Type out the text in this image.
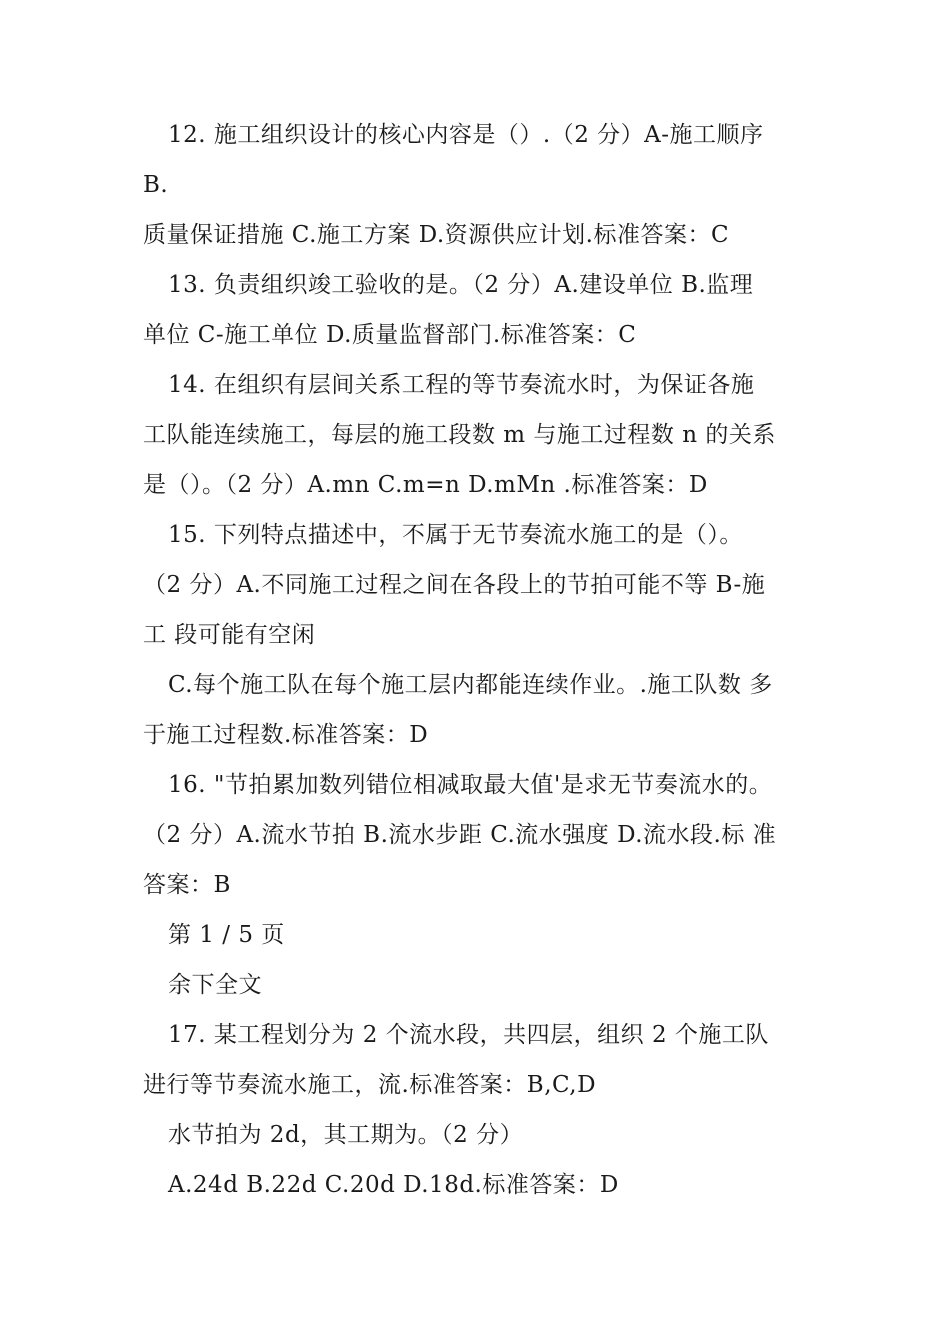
12. 施工组织设计的核心内容是（）.（2 分）A-施工顺序
B.
质量保证措施 C.施工方案 D.资源供应计划.标准答案：C
13. 负责组织竣工验收的是。（2 分）A.建设单位 B.监理
单位 C-施工单位 D.质量监督部门.标准答案：C
14. 在组织有层间关系工程的等节奏流水时，为保证各施
工队能连续施工，每层的施工段数 m 与施工过程数 n 的关系
是（）。（2 分）A.mn C.m=n D.mMn .标准答案：D
15. 下列特点描述中，不属于无节奏流水施工的是（）。
（2 分）A.不同施工过程之间在各段上的节拍可能不等 B-施
工 段可能有空闲
C.每个施工队在每个施工层内都能连续作业。.施工队数 多
于施工过程数.标准答案：D
16. "节拍累加数列错位相减取最大值'是求无节奏流水的。
（2 分）A.流水节拍 B.流水步距 C.流水强度 D.流水段.标 准
答案：B
第 1 / 5 页
余下全文
17. 某工程划分为 2 个流水段，共四层，组织 2 个施工队
进行等节奏流水施工，流.标准答案：B,C,D
水节拍为 2d，其工期为。（2 分）
A.24d B.22d C.20d D.18d.标准答案：D
